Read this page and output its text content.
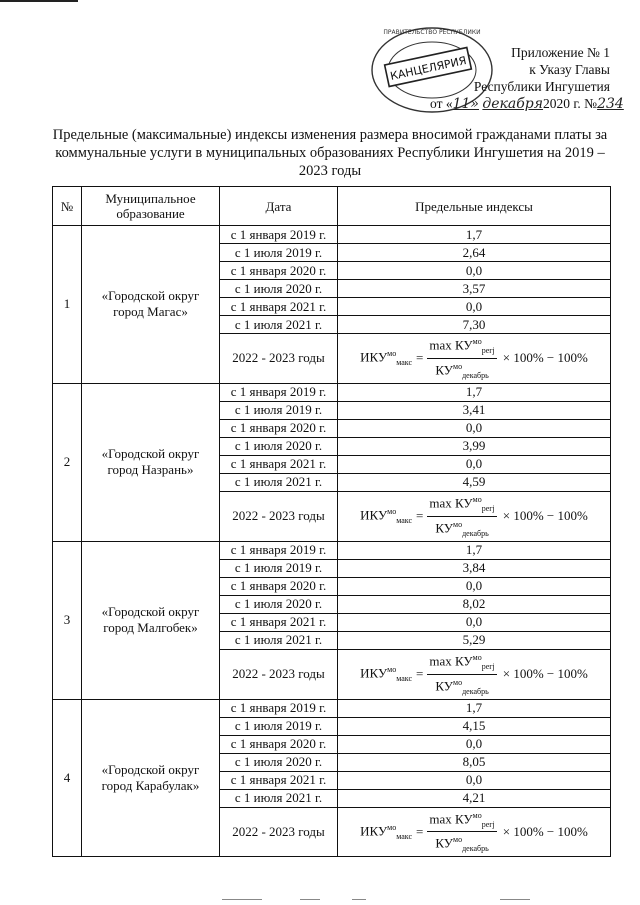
КАНЦЕЛЯРИЯ
ПРАВИТЕЛЬСТВО РЕСПУБЛИКИ
Приложение № 1
к Указу Главы
Республики Ингушетия
от «11» декабря2020 г. №234
Предельные (максимальные) индексы изменения размера вносимой гражданами платы за коммунальные услуги в муниципальных образованиях Республики Ингушетия на 2019 – 2023 годы
№	Муниципальное образование	Дата	Предельные индексы
1	«Городской округ город Магас»	с 1 января 2019 г.	1,7
		с 1 июля 2019 г.	2,64
		с 1 января 2020 г.	0,0
		с 1 июля 2020 г.	3,57
		с 1 января 2021 г.	0,0
		с 1 июля 2021 г.	7,30
		2022 - 2023 годы	$ИКУ^{мо}_{макс}$ =
$\max КУ^{мо}_{регj}$
$КУ^{мо}_{декабрь}$
× 100% − 100%

2	«Городской округ город Назрань»	с 1 января 2019 г.	1,7
		с 1 июля 2019 г.	3,41
		с 1 января 2020 г.	0,0
		с 1 июля 2020 г.	3,99
		с 1 января 2021 г.	0,0
		с 1 июля 2021 г.	4,59
		2022 - 2023 годы	$ИКУ^{мо}_{макс}$ =
$\max КУ^{мо}_{регj}$
$КУ^{мо}_{декабрь}$
× 100% − 100%

3	«Городской округ город Малгобек»	с 1 января 2019 г.	1,7
		с 1 июля 2019 г.	3,84
		с 1 января 2020 г.	0,0
		с 1 июля 2020 г.	8,02
		с 1 января 2021 г.	0,0
		с 1 июля 2021 г.	5,29
		2022 - 2023 годы	$ИКУ^{мо}_{макс}$ =
$\max КУ^{мо}_{регj}$
$КУ^{мо}_{декабрь}$
× 100% − 100%

4	«Городской округ город Карабулак»	с 1 января 2019 г.	1,7
		с 1 июля 2019 г.	4,15
		с 1 января 2020 г.	0,0
		с 1 июля 2020 г.	8,05
		с 1 января 2021 г.	0,0
		с 1 июля 2021 г.	4,21
		2022 - 2023 годы	$ИКУ^{мо}_{макс}$ =
$\max КУ^{мо}_{регj}$
$КУ^{мо}_{декабрь}$
× 100% − 100%
